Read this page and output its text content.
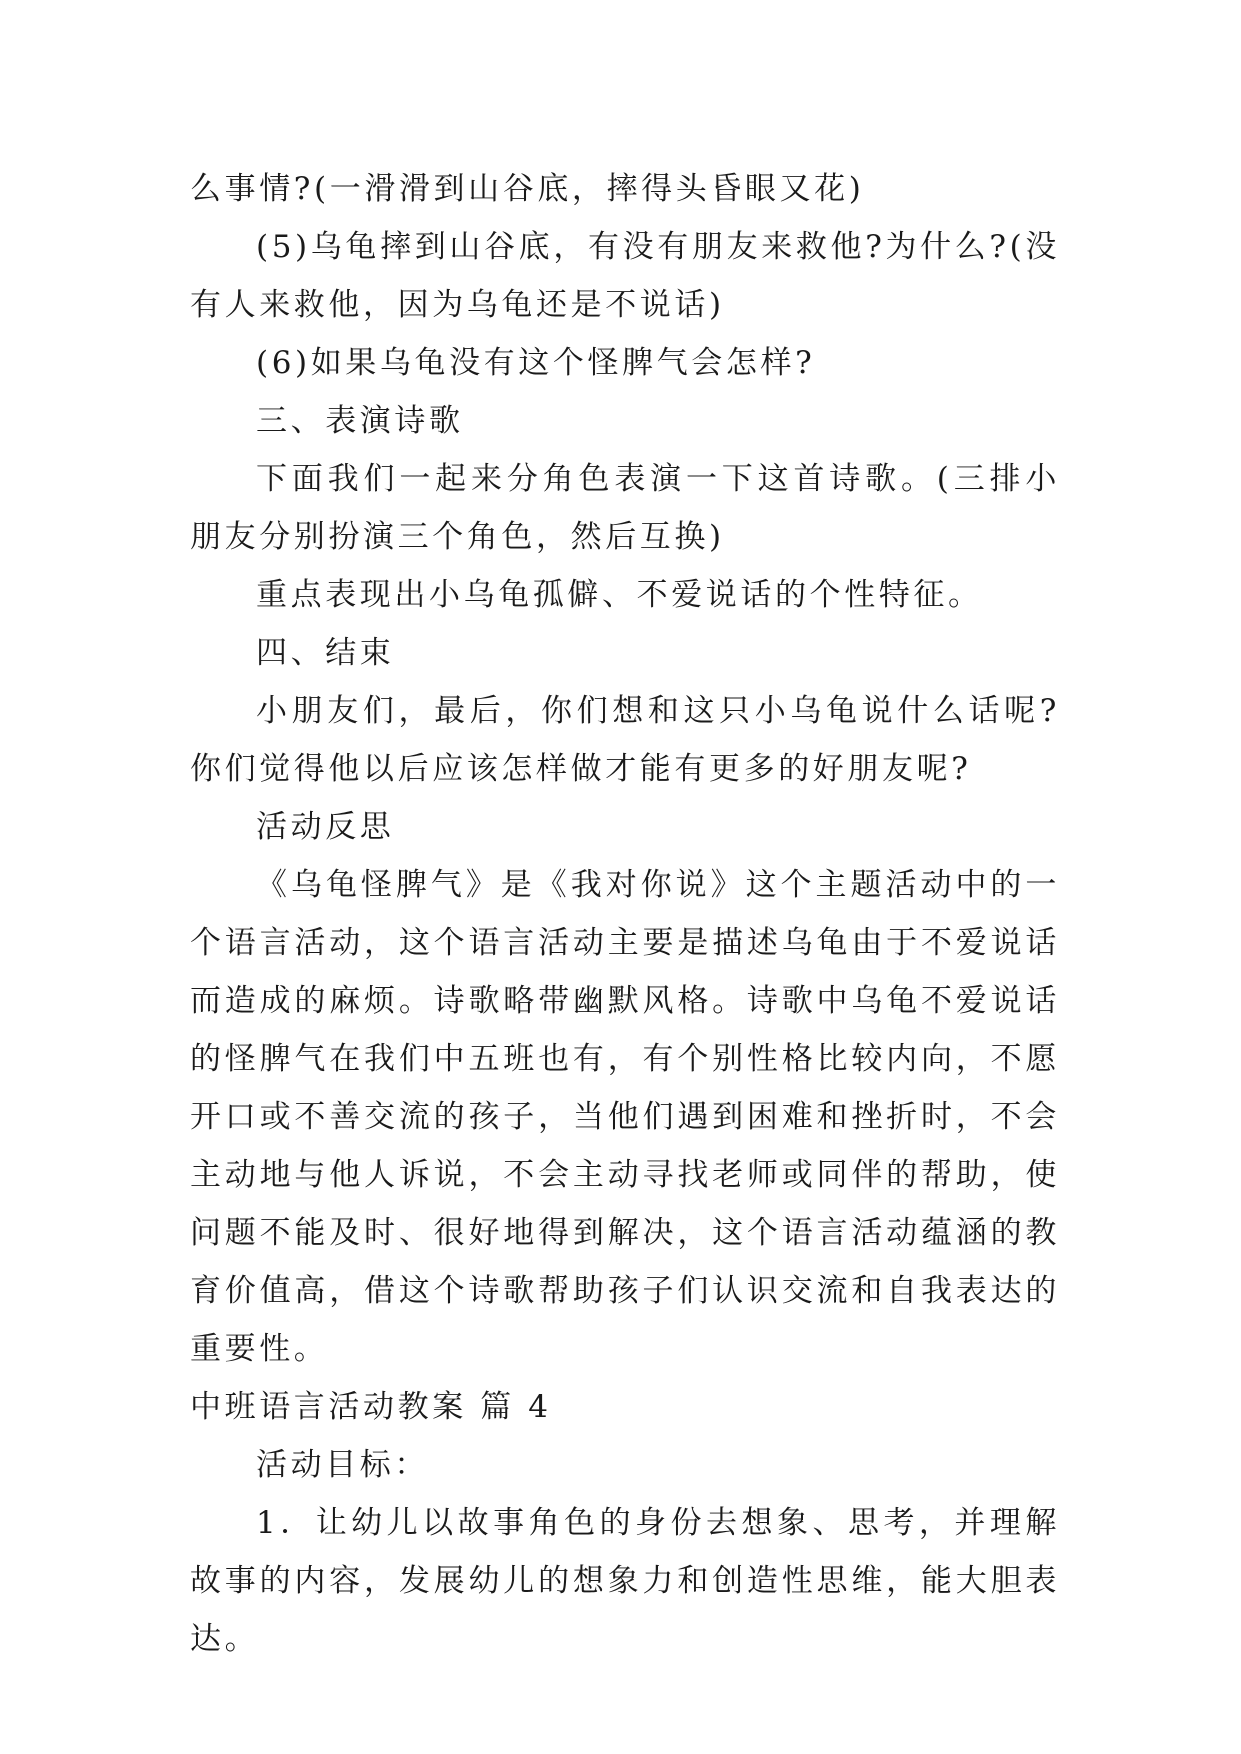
么事情?(一滑滑到山谷底，摔得头昏眼又花)

(5)乌龟摔到山谷底，有没有朋友来救他?为什么?(没有人来救他，因为乌龟还是不说话)

(6)如果乌龟没有这个怪脾气会怎样?

三、表演诗歌

下面我们一起来分角色表演一下这首诗歌。(三排小朋友分别扮演三个角色，然后互换)

重点表现出小乌龟孤僻、不爱说话的个性特征。

四、结束

小朋友们，最后，你们想和这只小乌龟说什么话呢?你们觉得他以后应该怎样做才能有更多的好朋友呢?

活动反思

《乌龟怪脾气》是《我对你说》这个主题活动中的一个语言活动，这个语言活动主要是描述乌龟由于不爱说话而造成的麻烦。诗歌略带幽默风格。诗歌中乌龟不爱说话的怪脾气在我们中五班也有，有个别性格比较内向，不愿开口或不善交流的孩子，当他们遇到困难和挫折时，不会主动地与他人诉说，不会主动寻找老师或同伴的帮助，使问题不能及时、很好地得到解决，这个语言活动蕴涵的教育价值高，借这个诗歌帮助孩子们认识交流和自我表达的重要性。

中班语言活动教案 篇 4

活动目标：

1．让幼儿以故事角色的身份去想象、思考，并理解故事的内容，发展幼儿的想象力和创造性思维，能大胆表达。
